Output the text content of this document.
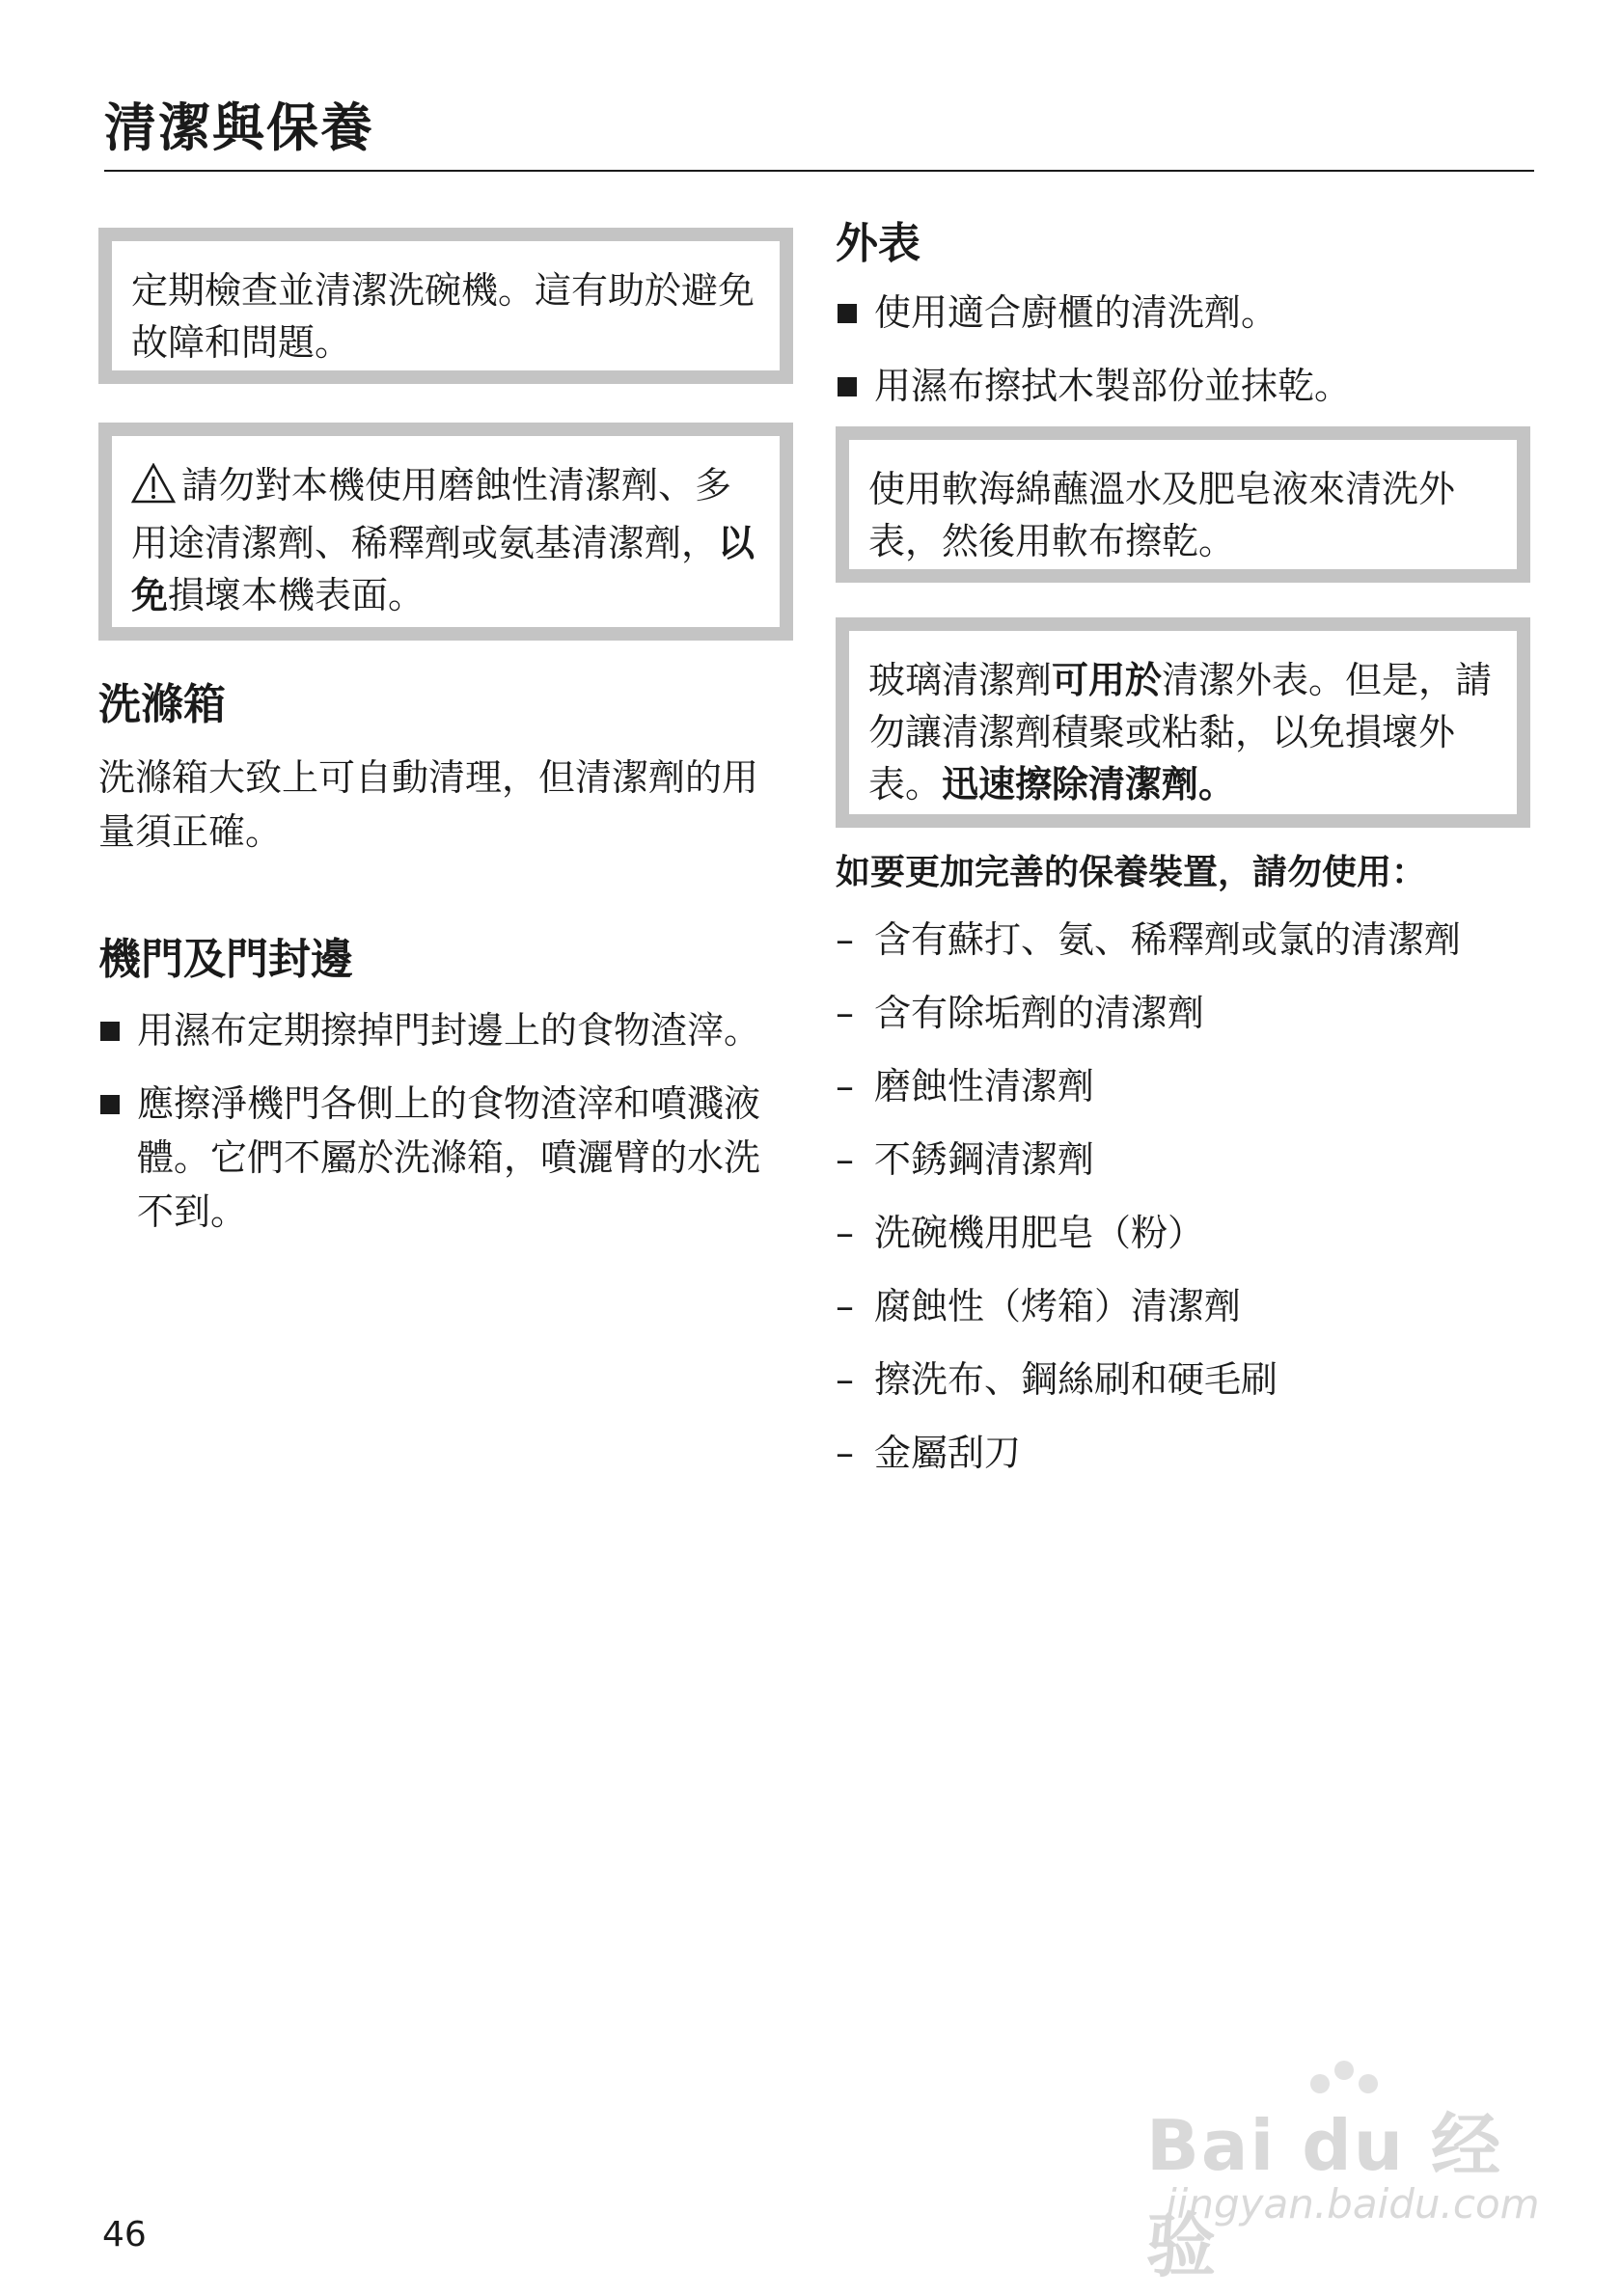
清潔與保養

定期檢查並清潔洗碗機。這有助於避免故障和問題。

請勿對本機使用磨蝕性清潔劑、多用途清潔劑、稀釋劑或氨基清潔劑，以免損壞本機表面。

洗滌箱

洗滌箱大致上可自動清理，但清潔劑的用量須正確。

機門及門封邊
用濕布定期擦掉門封邊上的食物渣滓。
應擦淨機門各側上的食物渣滓和噴濺液體。它們不屬於洗滌箱，噴灑臂的水洗不到。
外表
使用適合廚櫃的清洗劑。
用濕布擦拭木製部份並抹乾。

使用軟海綿蘸溫水及肥皂液來清洗外表，然後用軟布擦乾。

玻璃清潔劑可用於清潔外表。但是，請勿讓清潔劑積聚或粘黏，以免損壞外表。迅速擦除清潔劑。

如要更加完善的保養裝置，請勿使用：

– 含有蘇打、氨、稀釋劑或氯的清潔劑
– 含有除垢劑的清潔劑
– 磨蝕性清潔劑
– 不銹鋼清潔劑
– 洗碗機用肥皂（粉）
– 腐蝕性（烤箱）清潔劑
– 擦洗布、鋼絲刷和硬毛刷
– 金屬刮刀
46
Bai du 经验
jingyan.baidu.com
